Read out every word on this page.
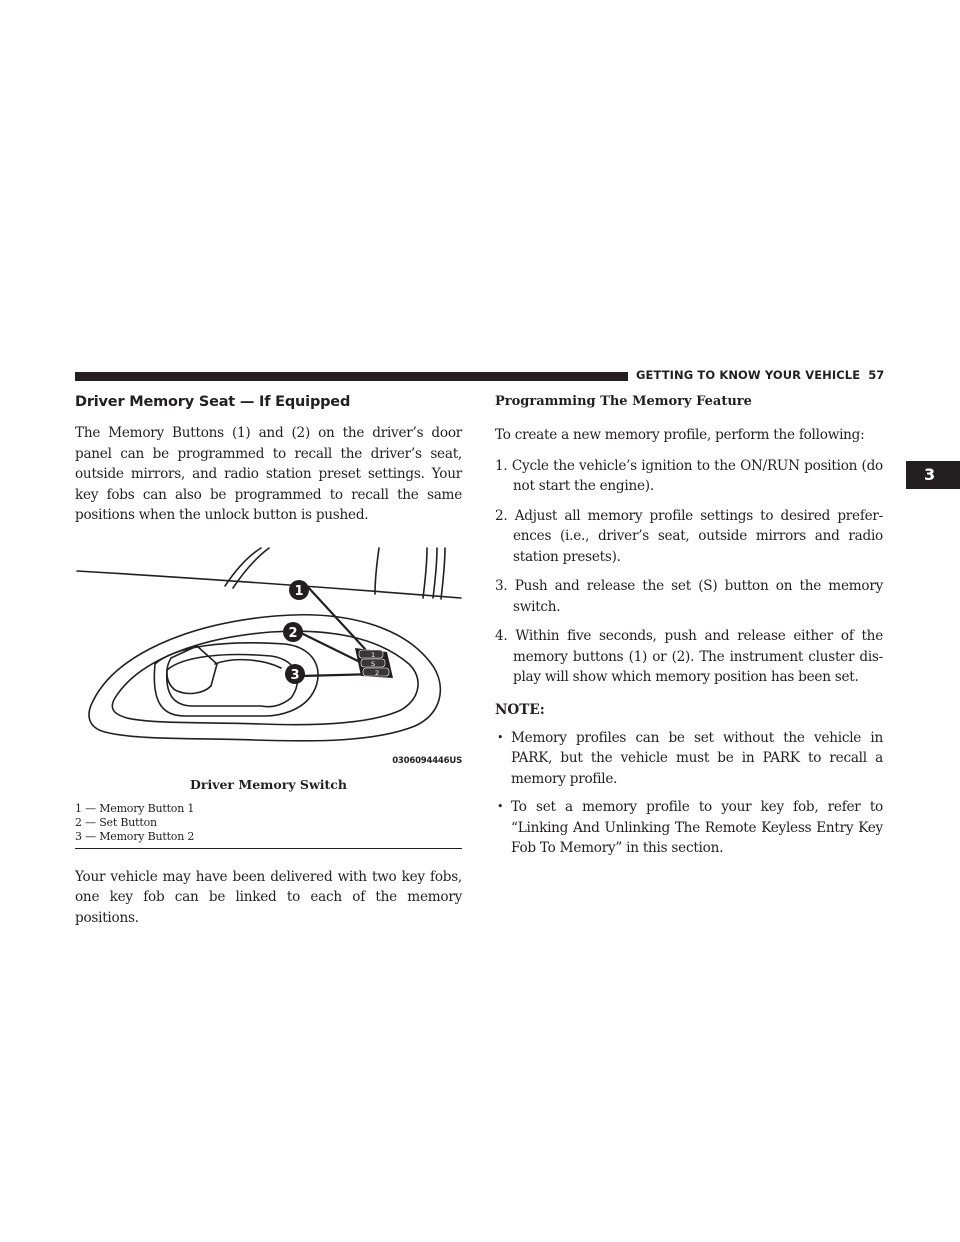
GETTING TO KNOW YOUR VEHICLE 57
3
Driver Memory Seat — If Equipped

The Memory Buttons (1) and (2) on the driver’s door panel can be programmed to recall the driver’s seat, outside mirrors, and radio station preset settings. Your key fobs can also be programmed to recall the same positions when the unlock button is pushed.

1
S
2
1
2
3
0306094446US
Driver Memory Switch
1 — Memory Button 1
2 — Set Button
3 — Memory Button 2

Your vehicle may have been delivered with two key fobs, one key fob can be linked to each of the memory positions.

Programming The Memory Feature

To create a new memory profile, perform the following:

1. Cycle the vehicle’s ignition to the ON/RUN position (do not start the engine).
2. Adjust all memory profile settings to desired prefer- ences (i.e., driver’s seat, outside mirrors and radio station presets).
3. Push and release the set (S) button on the memory switch.
4. Within five seconds, push and release either of the memory buttons (1) or (2). The instrument cluster dis- play will show which memory position has been set.
NOTE:
• Memory profiles can be set without the vehicle in PARK, but the vehicle must be in PARK to recall a memory profile.
• To set a memory profile to your key fob, refer to “Linking And Unlinking The Remote Keyless Entry Key Fob To Memory” in this section.
